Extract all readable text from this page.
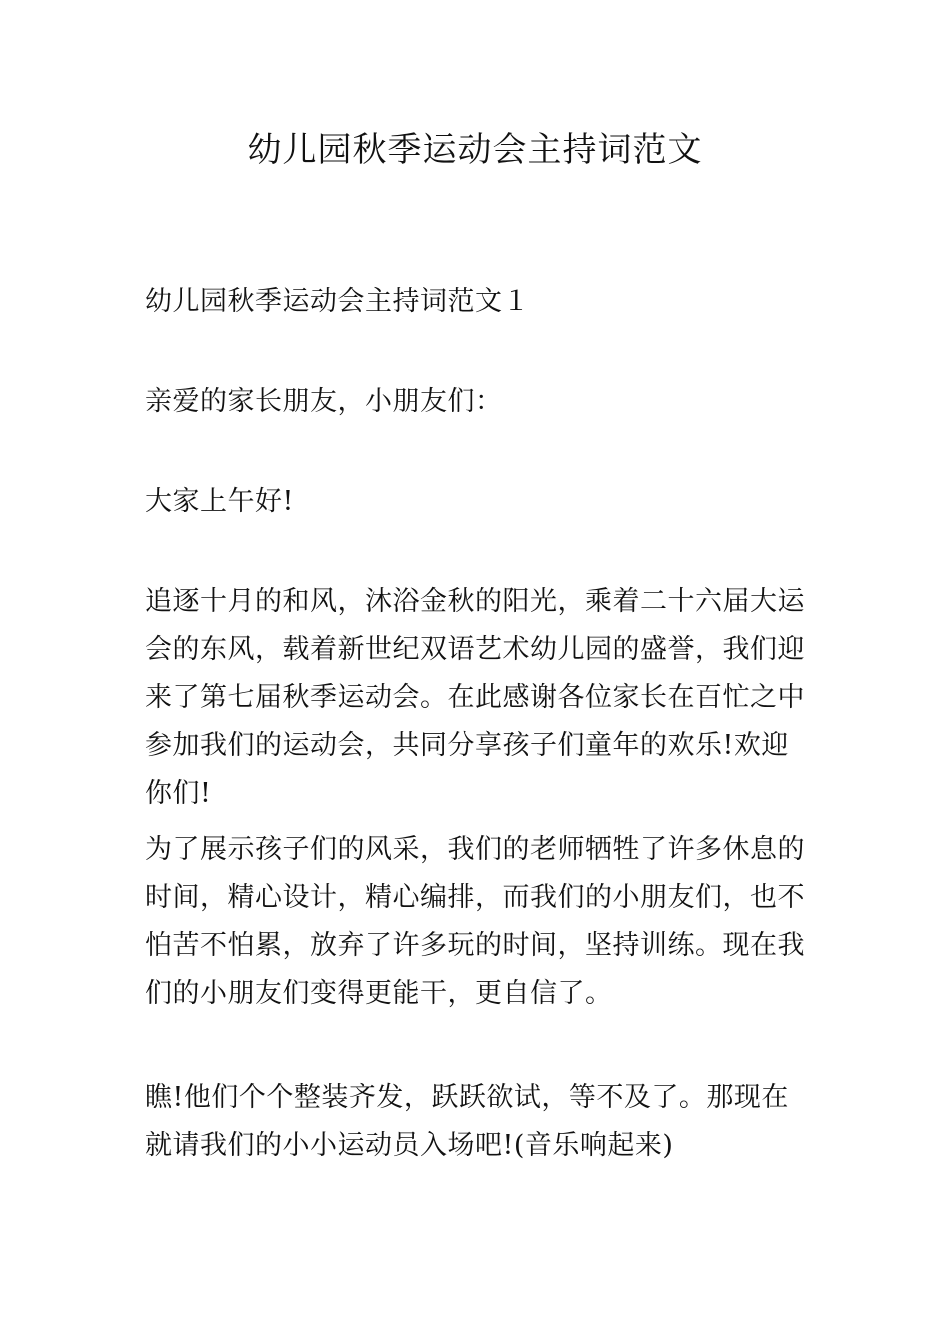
幼儿园秋季运动会主持词范文

幼儿园秋季运动会主持词范文１

亲爱的家长朋友，小朋友们：

大家上午好!

追逐十月的和风，沐浴金秋的阳光，乘着二十六届大运会的东风，载着新世纪双语艺术幼儿园的盛誉，我们迎来了第七届秋季运动会。在此感谢各位家长在百忙之中参加我们的运动会，共同分享孩子们童年的欢乐!欢迎你们!

为了展示孩子们的风采，我们的老师牺牲了许多休息的时间，精心设计，精心编排，而我们的小朋友们，也不怕苦不怕累，放弃了许多玩的时间，坚持训练。现在我们的小朋友们变得更能干，更自信了。

瞧!他们个个整装齐发，跃跃欲试，等不及了。那现在就请我们的小小运动员入场吧!(音乐响起来)
